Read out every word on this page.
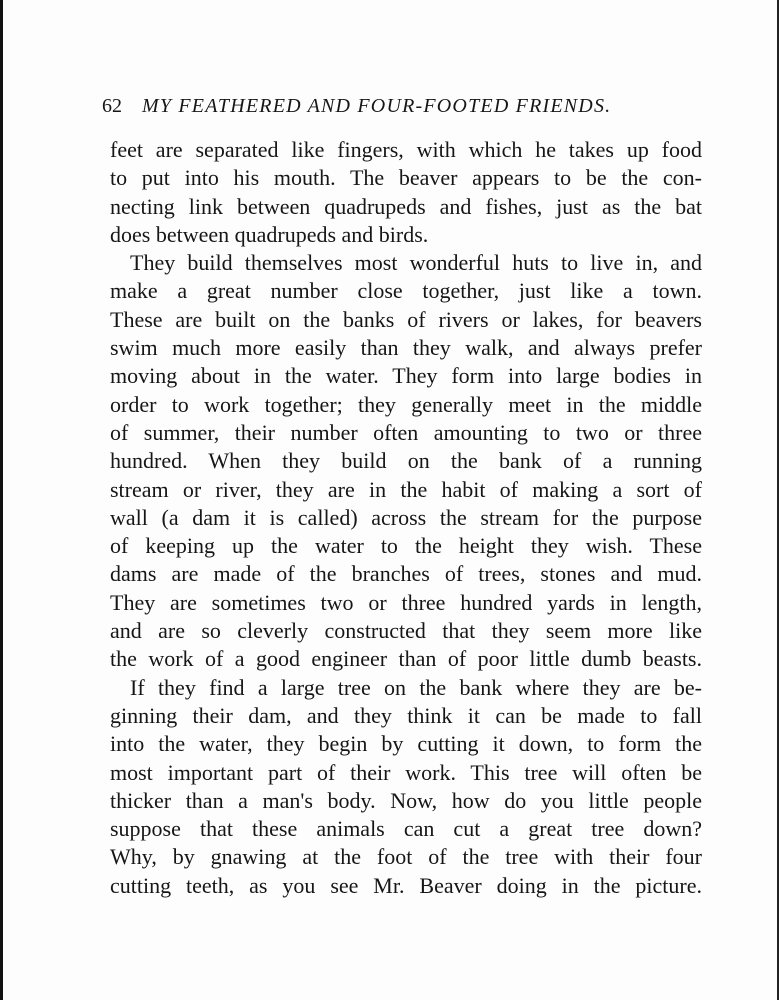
62 MY FEATHERED AND FOUR-FOOTED FRIENDS.

feet are separated like fingers, with which he takes up food
to put into his mouth. The beaver appears to be the con-
necting link between quadrupeds and fishes, just as the bat
does between quadrupeds and birds.

They build themselves most wonderful huts to live in, and
make a great number close together, just like a town.
These are built on the banks of rivers or lakes, for beavers
swim much more easily than they walk, and always prefer
moving about in the water. They form into large bodies in
order to work together; they generally meet in the middle
of summer, their number often amounting to two or three
hundred. When they build on the bank of a running
stream or river, they are in the habit of making a sort of
wall (a dam it is called) across the stream for the purpose
of keeping up the water to the height they wish. These
dams are made of the branches of trees, stones and mud.
They are sometimes two or three hundred yards in length,
and are so cleverly constructed that they seem more like
the work of a good engineer than of poor little dumb beasts.

If they find a large tree on the bank where they are be-
ginning their dam, and they think it can be made to fall
into the water, they begin by cutting it down, to form the
most important part of their work. This tree will often be
thicker than a man's body. Now, how do you little people
suppose that these animals can cut a great tree down?
Why, by gnawing at the foot of the tree with their four
cutting teeth, as you see Mr. Beaver doing in the picture.
